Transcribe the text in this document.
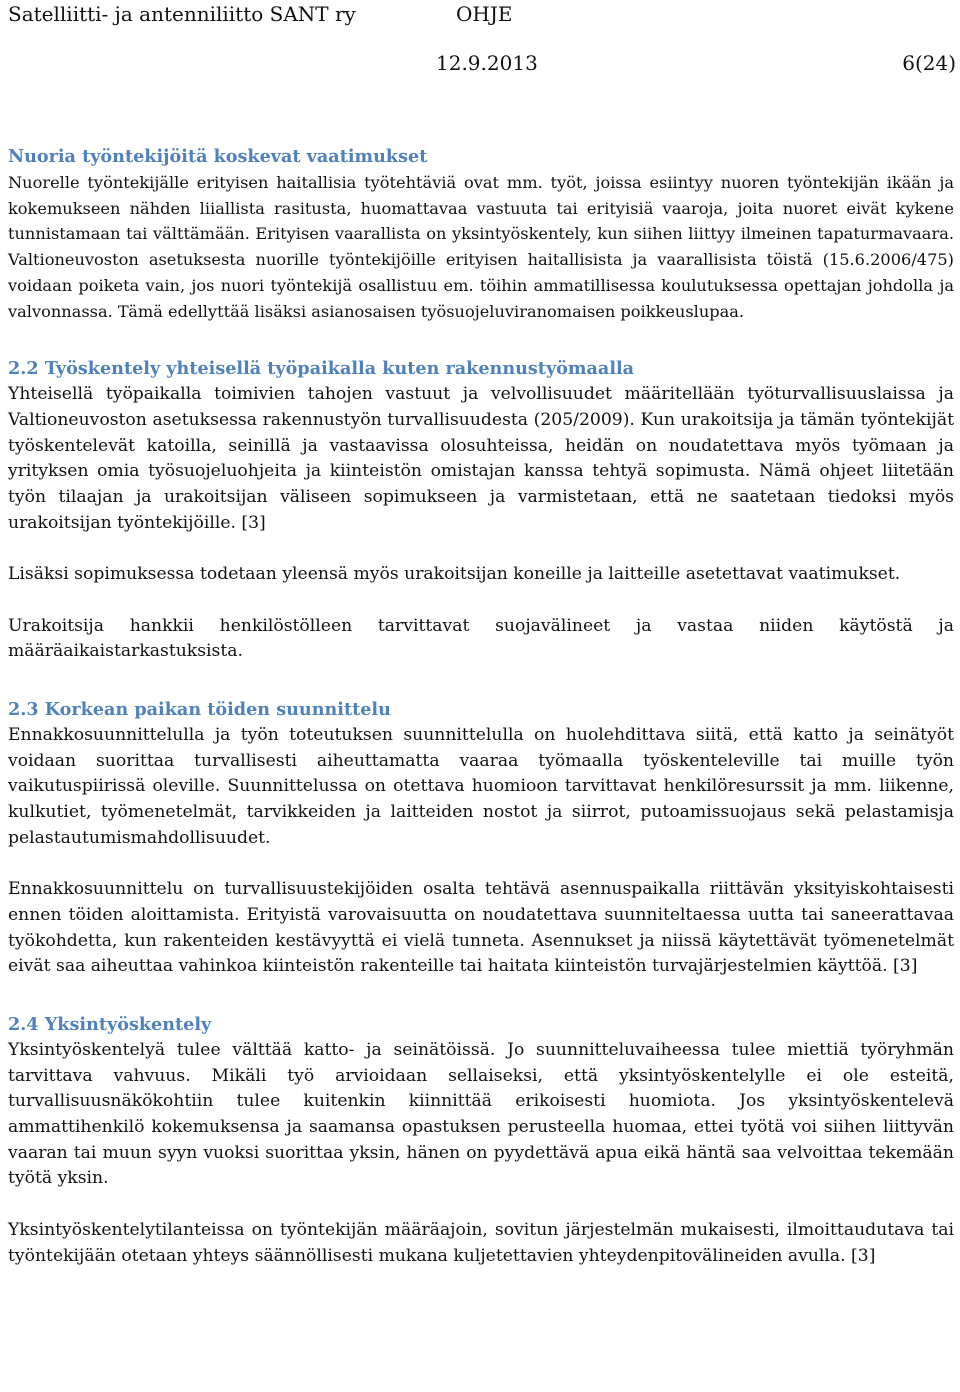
Satelliitti- ja antenniliitto SANT ry	OHJE
12.9.2013	6(24)
Nuoria työntekijöitä koskevat vaatimukset

Nuorelle työntekijälle erityisen haitallisia työtehtäviä ovat mm. työt, joissa esiintyy nuoren työntekijän ikään ja kokemukseen nähden liiallista rasitusta, huomattavaa vastuuta tai erityisiä vaaroja, joita nuoret eivät kykene tunnistamaan tai välttämään. Erityisen vaarallista on yksintyöskentely, kun siihen liittyy ilmeinen tapaturmavaara. Valtioneuvoston asetuksesta nuorille työntekijöille erityisen haitallisista ja vaarallisista töistä (15.6.2006/475) voidaan poiketa vain, jos nuori työntekijä osallistuu em. töihin ammatillisessa koulutuksessa opettajan johdolla ja valvonnassa. Tämä edellyttää lisäksi asianosaisen työsuojeluviranomaisen poikkeuslupaa.

2.2 Työskentely yhteisellä työpaikalla kuten rakennustyömaalla

Yhteisellä työpaikalla toimivien tahojen vastuut ja velvollisuudet määritellään työturvallisuuslaissa ja Valtioneuvoston asetuksessa rakennustyön turvallisuudesta (205/2009). Kun urakoitsija ja tämän työntekijät työskentelevät katoilla, seinillä ja vastaavissa olosuhteissa, heidän on noudatettava myös työmaan ja yrityksen omia työsuojeluohjeita ja kiinteistön omistajan kanssa tehtyä sopimusta. Nämä ohjeet liitetään työn tilaajan ja urakoitsijan väliseen sopimukseen ja varmistetaan, että ne saatetaan tiedoksi myös urakoitsijan työntekijöille. [3]

Lisäksi sopimuksessa todetaan yleensä myös urakoitsijan koneille ja laitteille asetettavat vaatimukset.

Urakoitsija hankkii henkilöstölleen tarvittavat suojavälineet ja vastaa niiden käytöstä ja määräaikaistarkastuksista.

2.3 Korkean paikan töiden suunnittelu

Ennakkosuunnittelulla ja työn toteutuksen suunnittelulla on huolehdittava siitä, että katto ja seinätyöt voidaan suorittaa turvallisesti aiheuttamatta vaaraa työmaalla työskenteleville tai muille työn vaikutuspiirissä oleville. Suunnittelussa on otettava huomioon tarvittavat henkilöresurssit ja mm. liikenne, kulkutiet, työmenetelmät, tarvikkeiden ja laitteiden nostot ja siirrot, putoamissuojaus sekä pelastamisja pelastautumismahdollisuudet.

Ennakkosuunnittelu on turvallisuustekijöiden osalta tehtävä asennuspaikalla riittävän yksityiskohtaisesti ennen töiden aloittamista. Erityistä varovaisuutta on noudatettava suunniteltaessa uutta tai saneerattavaa työkohdetta, kun rakenteiden kestävyyttä ei vielä tunneta. Asennukset ja niissä käytettävät työmenetelmät eivät saa aiheuttaa vahinkoa kiinteistön rakenteille tai haitata kiinteistön turvajärjestelmien käyttöä. [3]

2.4 Yksintyöskentely

Yksintyöskentelyä tulee välttää katto- ja seinätöissä. Jo suunnitteluvaiheessa tulee miettiä työryhmän tarvittava vahvuus. Mikäli työ arvioidaan sellaiseksi, että yksintyöskentelylle ei ole esteitä, turvallisuusnäkökohtiin tulee kuitenkin kiinnittää erikoisesti huomiota. Jos yksintyöskentelevä ammattihenkilö kokemuksensa ja saamansa opastuksen perusteella huomaa, ettei työtä voi siihen liittyvän vaaran tai muun syyn vuoksi suorittaa yksin, hänen on pyydettävä apua eikä häntä saa velvoittaa tekemään työtä yksin.

Yksintyöskentelytilanteissa on työntekijän määräajoin, sovitun järjestelmän mukaisesti, ilmoittaudutava tai työntekijään otetaan yhteys säännöllisesti mukana kuljetettavien yhteydenpitovälineiden avulla. [3]
